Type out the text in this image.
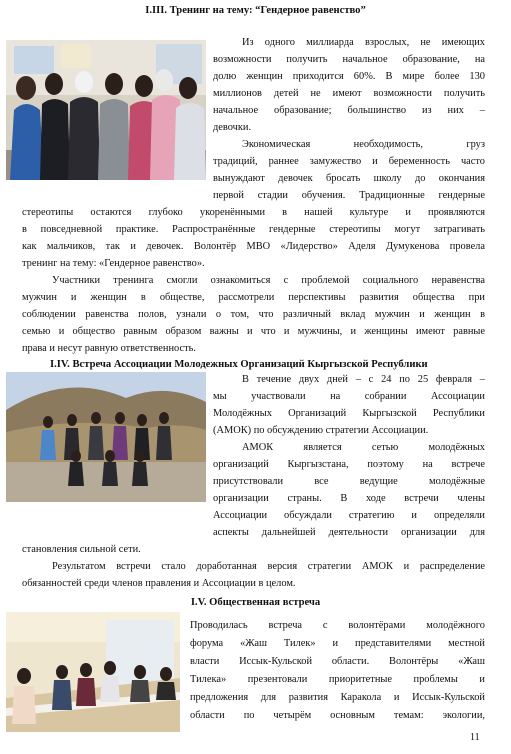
I.III. Тренинг на тему: “Гендерное равенство”
Из одного миллиарда взрослых, не имеющих
возможности получить начальное образование, на
долю женщин приходится 60%. В мире более 130
миллионов детей не имеют возможности получить
начальное образование; большинство из них –
девочки.
Экономическая необходимость, груз
традиций, раннее замужество и беременность часто
вынуждают девочек бросать школу до окончания
первой стадии обучения. Традиционные гендерные
стереотипы остаются глубоко укоренёнными в нашей культуре и проявляются
в повседневной практике. Распространённые гендерные стереотипы могут затрагивать
как мальчиков, так и девочек. Волонтёр МВО «Лидерство» Аделя Думукенова провела
тренинг на тему: «Гендерное равенство».
Участники тренинга смогли ознакомиться с проблемой социального неравенства
мужчин и женщин в обществе, рассмотрели перспективы развития общества при
соблюдении равенства полов, узнали о том, что различный вклад мужчин и женщин в
семью и общество равным образом важны и что и мужчины, и женщины имеют равные
права и несут равную ответственность.
I.IV. Встреча Ассоциации Молодежных Организаций Кыргызской Республики
В течение двух дней – с 24 по 25 февраля –
мы участвовали на собрании Ассоциации
Молодёжных Организаций Кыргызской Республики
(АМОК) по обсуждению стратегии Ассоциации.
АМОК является сетью молодёжных
организаций Кыргызстана, поэтому на встрече
присутствовали все ведущие молодёжные
организации страны. В ходе встречи члены
Ассоциации обсуждали стратегию и определяли
аспекты дальнейшей деятельности организации для
становления сильной сети.
Результатом встречи стало доработанная версия стратегии АМОК и распределение
обязанностей среди членов правления и Ассоциации в целом.
I.V. Общественная встреча
Проводилась встреча с волонтёрами молодёжного
форума «Жаш Тилек» и представителями местной
власти Иссык-Кульской области. Волонтёры «Жаш
Тилека» презентовали приоритетные проблемы и
предложения для развития Каракола и Иссык-Кульской
области по четырём основным темам: экологии,
11
